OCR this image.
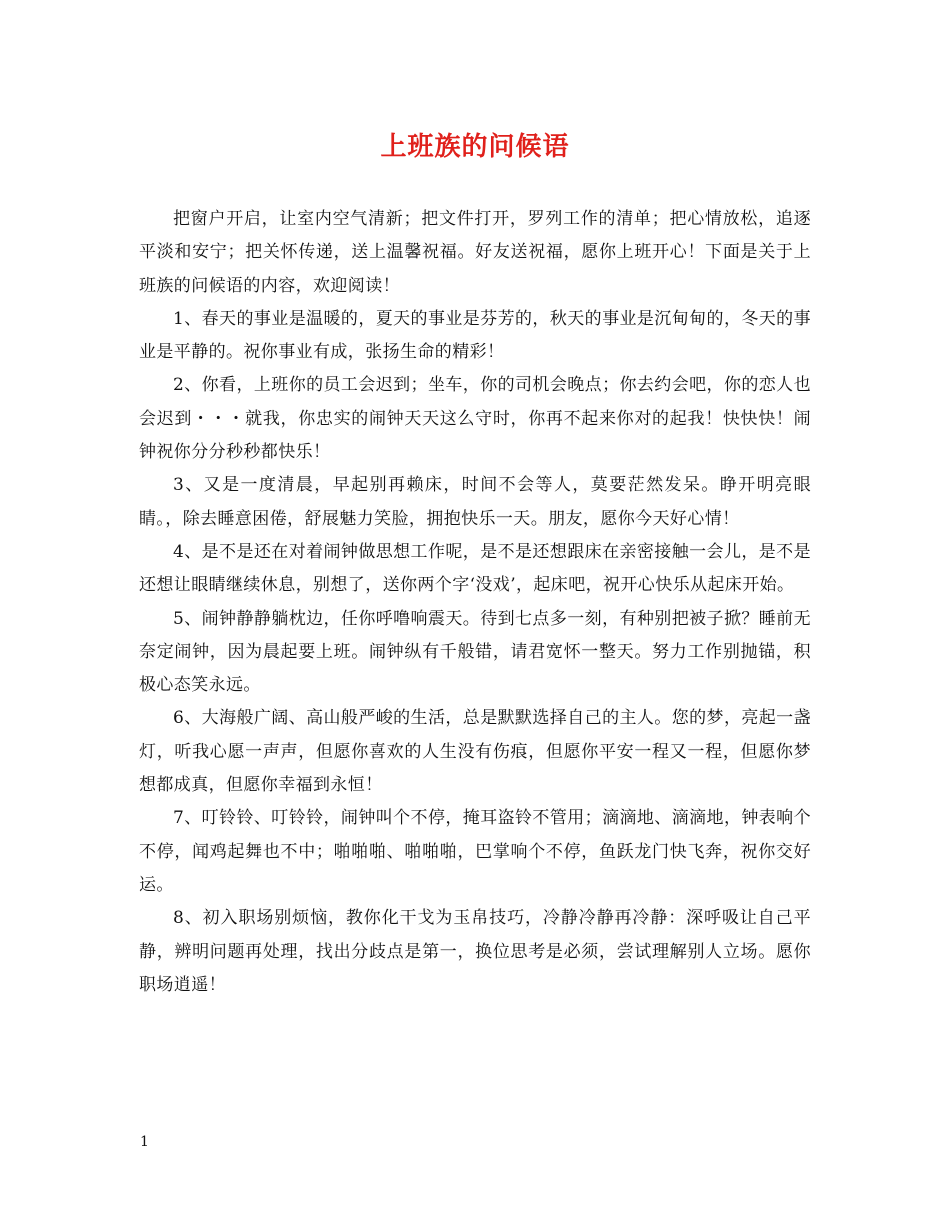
上班族的问候语

把窗户开启，让室内空气清新；把文件打开，罗列工作的清单；把心情放松，追逐平淡和安宁；把关怀传递，送上温馨祝福。好友送祝福，愿你上班开心！下面是关于上班族的问候语的内容，欢迎阅读！

1、春天的事业是温暖的，夏天的事业是芬芳的，秋天的事业是沉甸甸的，冬天的事业是平静的。祝你事业有成，张扬生命的精彩！

2、你看，上班你的员工会迟到；坐车，你的司机会晚点；你去约会吧，你的恋人也会迟到・・・就我，你忠实的闹钟天天这么守时，你再不起来你对的起我！快快快！闹钟祝你分分秒秒都快乐！

3、又是一度清晨，早起别再赖床，时间不会等人，莫要茫然发呆。睁开明亮眼睛。，除去睡意困倦，舒展魅力笑脸，拥抱快乐一天。朋友，愿你今天好心情！

4、是不是还在对着闹钟做思想工作呢，是不是还想跟床在亲密接触一会儿，是不是还想让眼睛继续休息，别想了，送你两个字‘没戏’，起床吧，祝开心快乐从起床开始。

5、闹钟静静躺枕边，任你呼噜响震天。待到七点多一刻，有种别把被子掀？睡前无奈定闹钟，因为晨起要上班。闹钟纵有千般错，请君宽怀一整天。努力工作别抛锚，积极心态笑永远。

6、大海般广阔、高山般严峻的生活，总是默默选择自己的主人。您的梦，亮起一盏灯，听我心愿一声声，但愿你喜欢的人生没有伤痕，但愿你平安一程又一程，但愿你梦想都成真，但愿你幸福到永恒！

7、叮铃铃、叮铃铃，闹钟叫个不停，掩耳盗铃不管用；滴滴地、滴滴地，钟表响个不停，闻鸡起舞也不中；啪啪啪、啪啪啪，巴掌响个不停，鱼跃龙门快飞奔，祝你交好运。

8、初入职场别烦恼，教你化干戈为玉帛技巧，冷静冷静再冷静：深呼吸让自己平静，辨明问题再处理，找出分歧点是第一，换位思考是必须，尝试理解别人立场。愿你职场逍遥！

1
